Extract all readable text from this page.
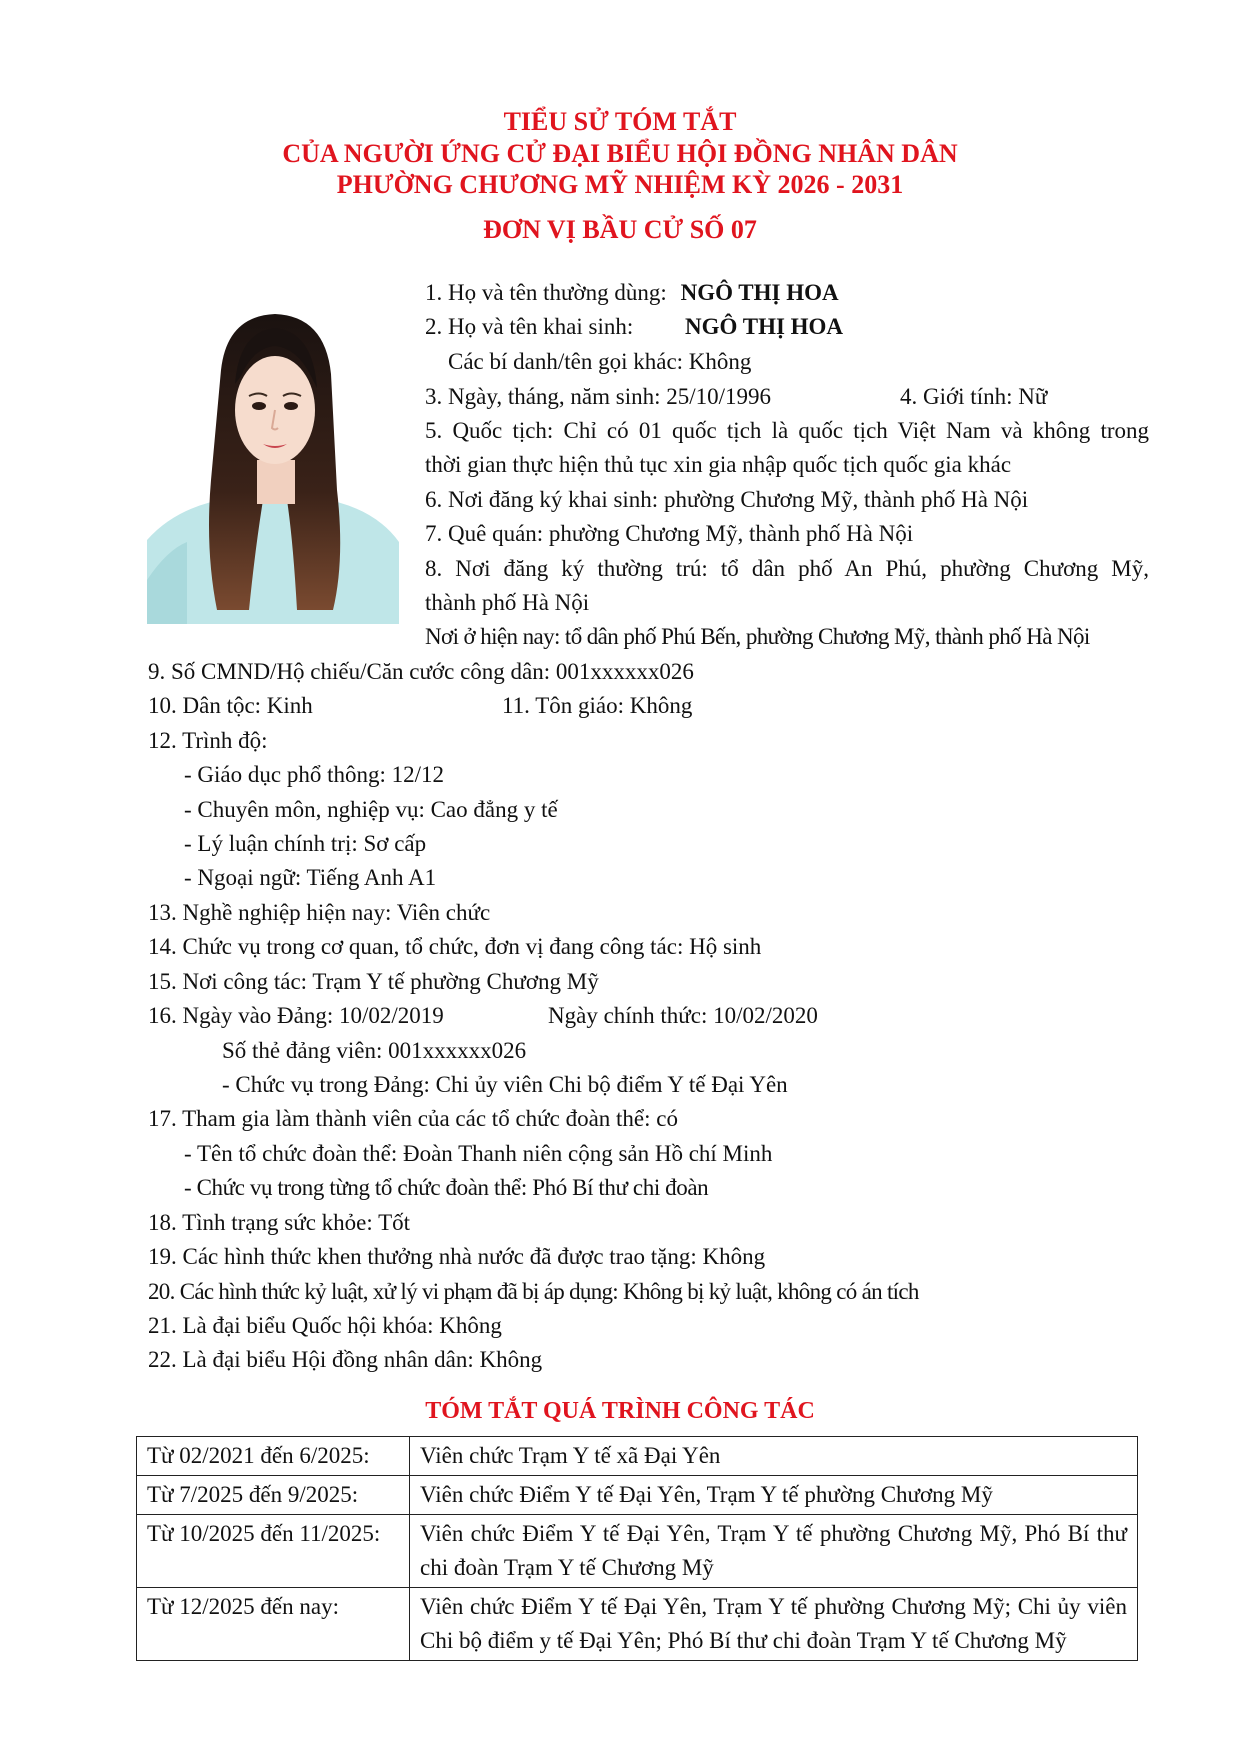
TIỂU SỬ TÓM TẮT
CỦA NGƯỜI ỨNG CỬ ĐẠI BIỂU HỘI ĐỒNG NHÂN DÂN
PHƯỜNG CHƯƠNG MỸ NHIỆM KỲ 2026 - 2031
ĐƠN VỊ BẦU CỬ SỐ 07
1. Họ và tên thường dùng: NGÔ THỊ HOA
2. Họ và tên khai sinh: NGÔ THỊ HOA
Các bí danh/tên gọi khác: Không
3. Ngày, tháng, năm sinh: 25/10/1996	4. Giới tính: Nữ
5. Quốc tịch: Chỉ có 01 quốc tịch là quốc tịch Việt Nam và không trong
thời gian thực hiện thủ tục xin gia nhập quốc tịch quốc gia khác
6. Nơi đăng ký khai sinh: phường Chương Mỹ, thành phố Hà Nội
7. Quê quán: phường Chương Mỹ, thành phố Hà Nội
8. Nơi đăng ký thường trú: tổ dân phố An Phú, phường Chương Mỹ,
thành phố Hà Nội
Nơi ở hiện nay: tổ dân phố Phú Bến, phường Chương Mỹ, thành phố Hà Nội
9. Số CMND/Hộ chiếu/Căn cước công dân: 001xxxxxx026
10. Dân tộc: Kinh	11. Tôn giáo: Không
12. Trình độ:
- Giáo dục phổ thông: 12/12
- Chuyên môn, nghiệp vụ: Cao đẳng y tế
- Lý luận chính trị: Sơ cấp
- Ngoại ngữ: Tiếng Anh A1
13. Nghề nghiệp hiện nay: Viên chức
14. Chức vụ trong cơ quan, tổ chức, đơn vị đang công tác: Hộ sinh
15. Nơi công tác: Trạm Y tế phường Chương Mỹ
16. Ngày vào Đảng: 10/02/2019	Ngày chính thức: 10/02/2020
Số thẻ đảng viên: 001xxxxxx026
- Chức vụ trong Đảng: Chi ủy viên Chi bộ điểm Y tế Đại Yên
17. Tham gia làm thành viên của các tổ chức đoàn thể: có
- Tên tổ chức đoàn thể: Đoàn Thanh niên cộng sản Hồ chí Minh
- Chức vụ trong từng tổ chức đoàn thể: Phó Bí thư chi đoàn
18. Tình trạng sức khỏe: Tốt
19. Các hình thức khen thưởng nhà nước đã được trao tặng: Không
20. Các hình thức kỷ luật, xử lý vi phạm đã bị áp dụng: Không bị kỷ luật, không có án tích
21. Là đại biểu Quốc hội khóa: Không
22. Là đại biểu Hội đồng nhân dân: Không
TÓM TẮT QUÁ TRÌNH CÔNG TÁC
Từ 02/2021 đến 6/2025:	Viên chức Trạm Y tế xã Đại Yên
Từ 7/2025 đến 9/2025:	Viên chức Điểm Y tế Đại Yên, Trạm Y tế phường Chương Mỹ
Từ 10/2025 đến 11/2025:	Viên chức Điểm Y tế Đại Yên, Trạm Y tế phường Chương Mỹ, Phó Bí thư chi đoàn Trạm Y tế Chương Mỹ
Từ 12/2025 đến nay:	Viên chức Điểm Y tế Đại Yên, Trạm Y tế phường Chương Mỹ; Chi ủy viên Chi bộ điểm y tế Đại Yên; Phó Bí thư chi đoàn Trạm Y tế Chương Mỹ
